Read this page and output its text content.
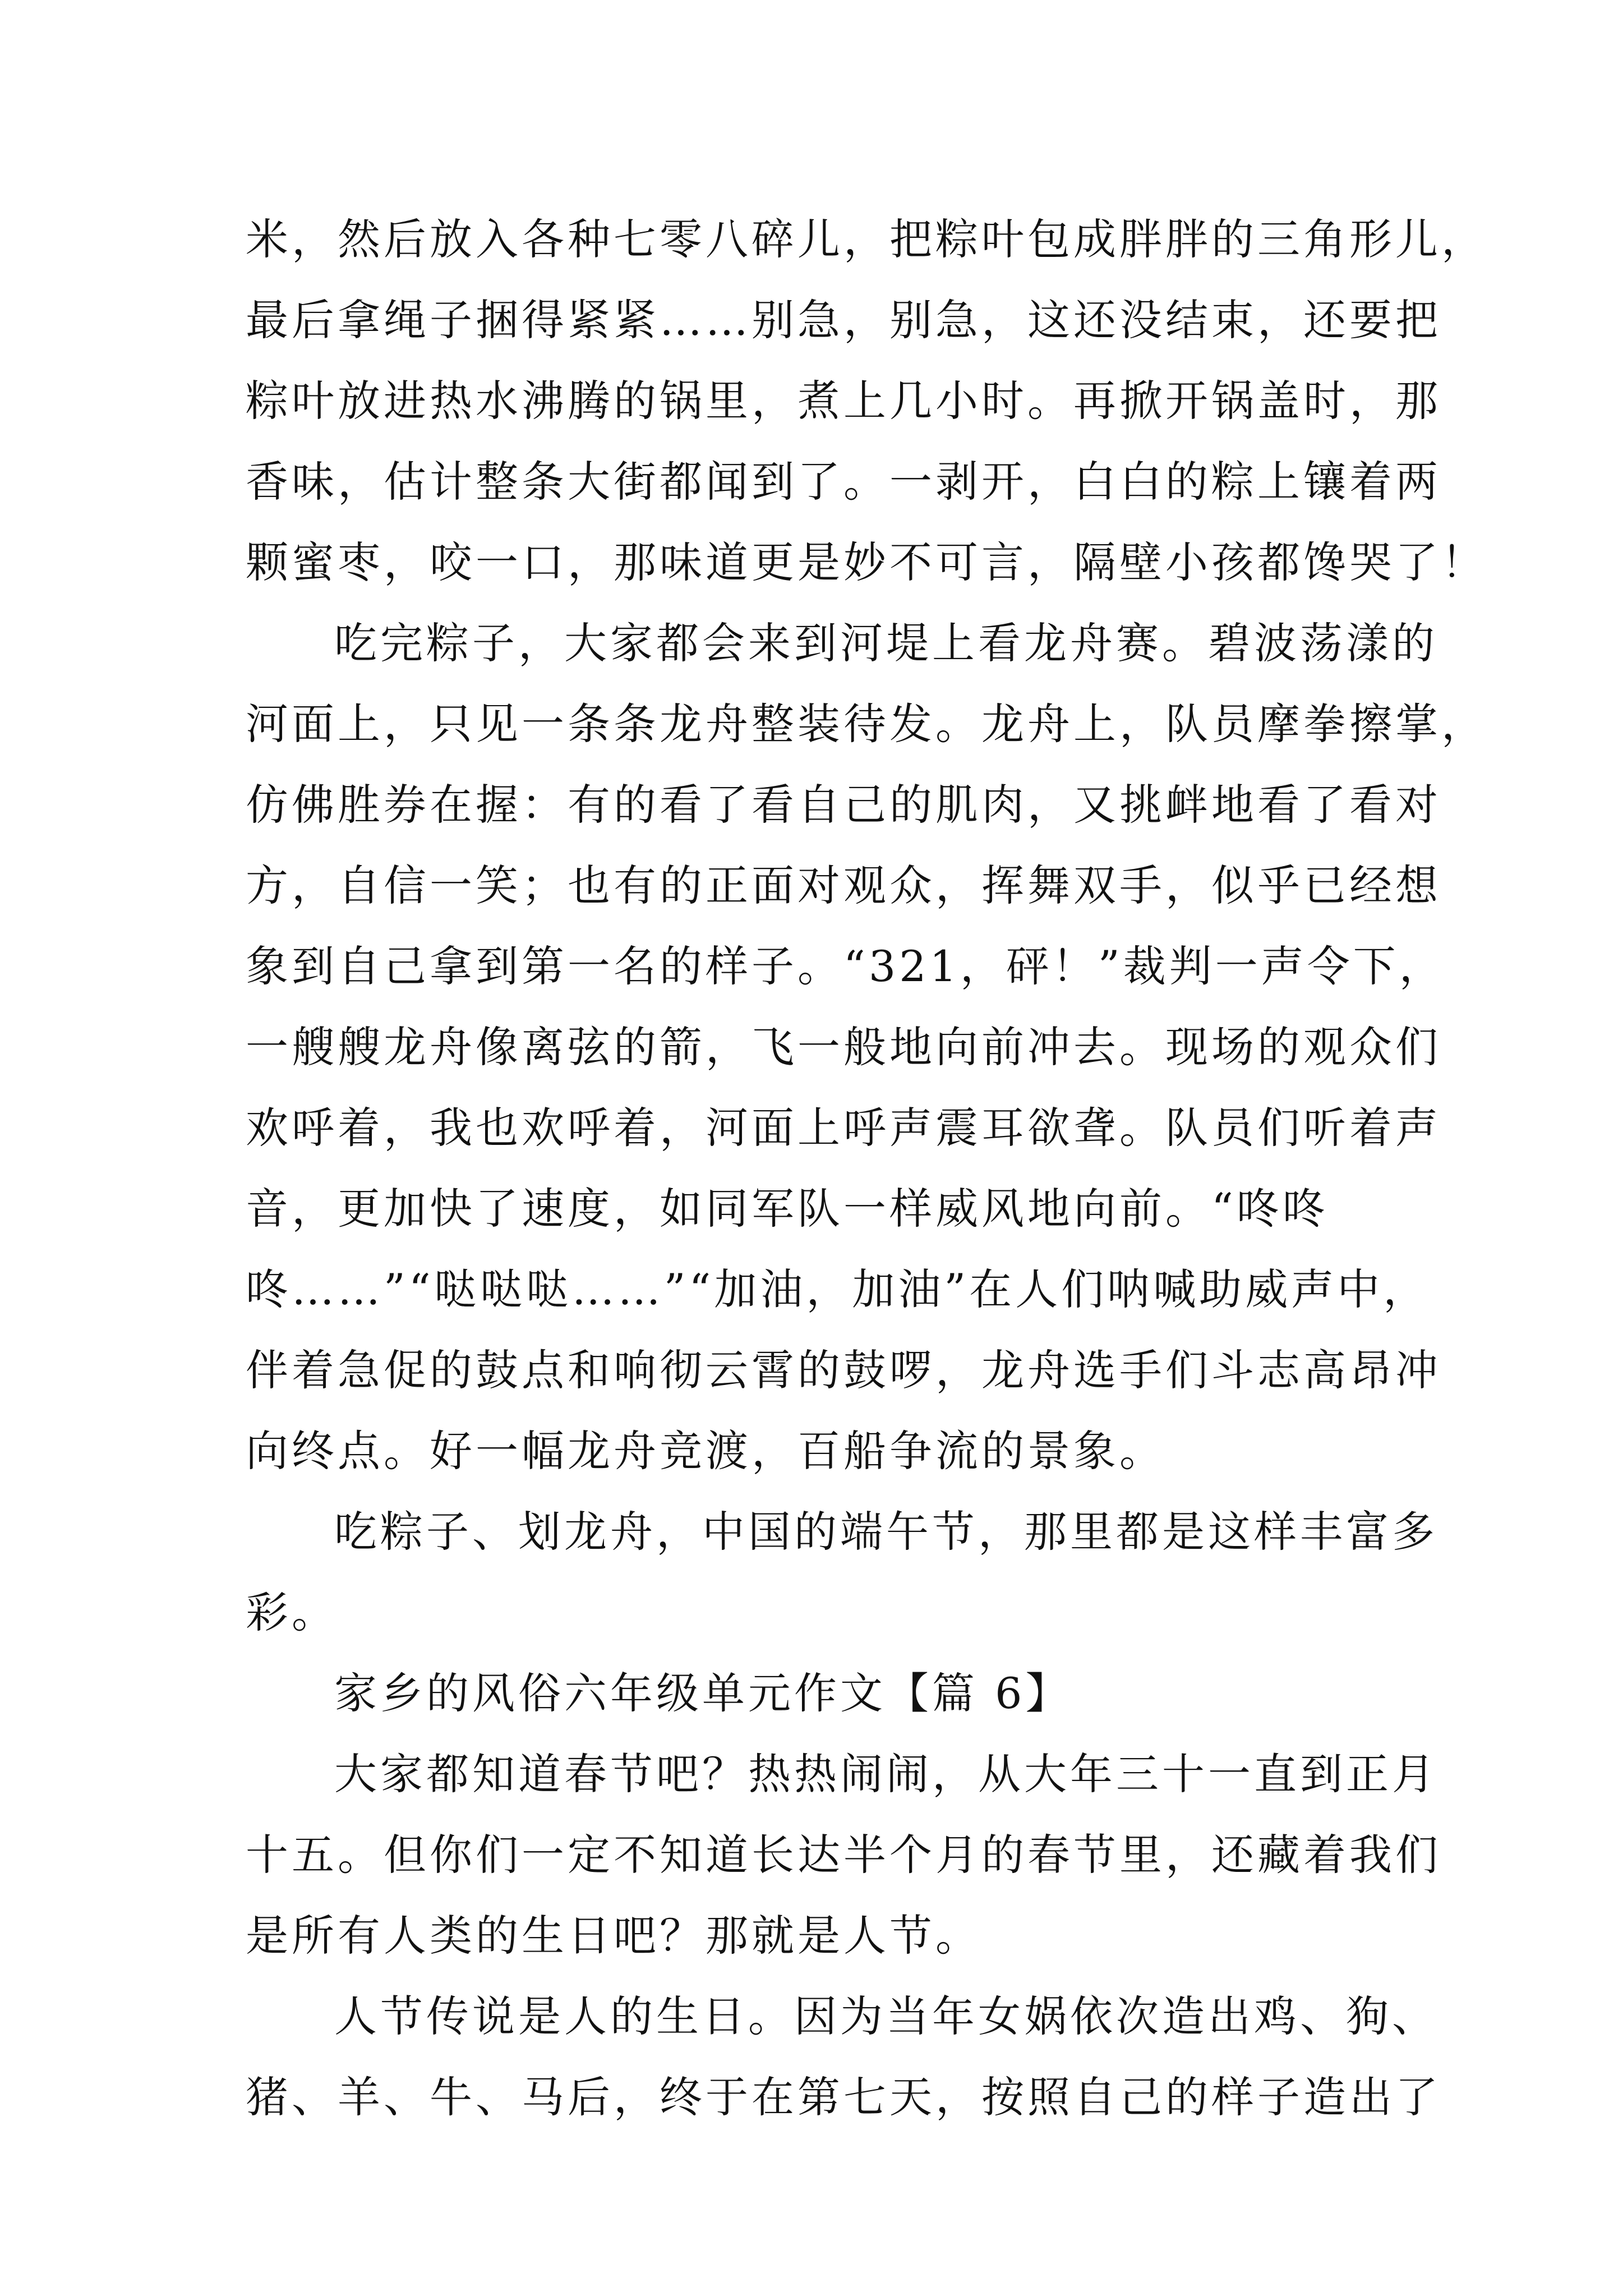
米，然后放入各种七零八碎儿，把粽叶包成胖胖的三角形儿，
最后拿绳子捆得紧紧……别急，别急，这还没结束，还要把
粽叶放进热水沸腾的锅里，煮上几小时。再掀开锅盖时，那
香味，估计整条大街都闻到了。一剥开，白白的粽上镶着两
颗蜜枣，咬一口，那味道更是妙不可言，隔壁小孩都馋哭了！
吃完粽子，大家都会来到河堤上看龙舟赛。碧波荡漾的
河面上，只见一条条龙舟整装待发。龙舟上，队员摩拳擦掌，
仿佛胜券在握：有的看了看自己的肌肉，又挑衅地看了看对
方，自信一笑；也有的正面对观众，挥舞双手，似乎已经想
象到自己拿到第一名的样子。“321，砰！”裁判一声令下，
一艘艘龙舟像离弦的箭，飞一般地向前冲去。现场的观众们
欢呼着，我也欢呼着，河面上呼声震耳欲聋。队员们听着声
音，更加快了速度，如同军队一样威风地向前。“咚咚
咚……”“哒哒哒……”“加油，加油”在人们呐喊助威声中，
伴着急促的鼓点和响彻云霄的鼓啰，龙舟选手们斗志高昂冲
向终点。好一幅龙舟竞渡，百船争流的景象。
吃粽子、划龙舟，中国的端午节，那里都是这样丰富多
彩。
家乡的风俗六年级单元作文【篇 6】
大家都知道春节吧？热热闹闹，从大年三十一直到正月
十五。但你们一定不知道长达半个月的春节里，还藏着我们
是所有人类的生日吧？那就是人节。
人节传说是人的生日。因为当年女娲依次造出鸡、狗、
猪、羊、牛、马后，终于在第七天，按照自己的样子造出了
